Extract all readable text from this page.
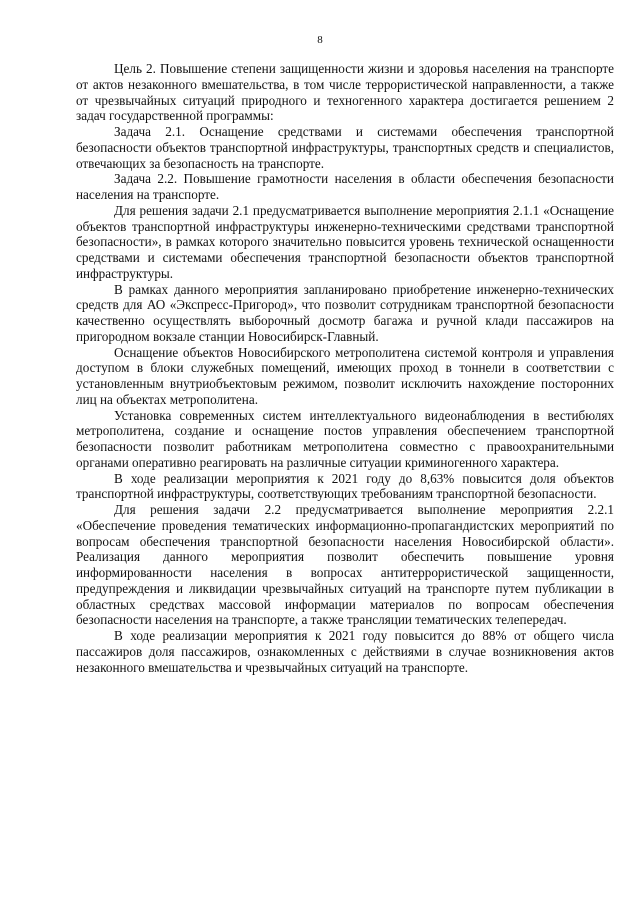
8

Цель 2. Повышение степени защищенности жизни и здоровья населения на транспорте от актов незаконного вмешательства, в том числе террористической направленности, а также от чрезвычайных ситуаций природного и техногенного характера достигается решением 2 задач государственной программы:

Задача 2.1. Оснащение средствами и системами обеспечения транспортной безопасности объектов транспортной инфраструктуры, транспортных средств и специалистов, отвечающих за безопасность на транспорте.

Задача 2.2. Повышение грамотности населения в области обеспечения безопасности населения на транспорте.

Для решения задачи 2.1 предусматривается выполнение мероприятия 2.1.1 «Оснащение объектов транспортной инфраструктуры инженерно-техническими средствами транспортной безопасности», в рамках которого значительно повысится уровень технической оснащенности средствами и системами обеспечения транспортной безопасности объектов транспортной инфраструктуры.

В рамках данного мероприятия запланировано приобретение инженерно-технических средств для АО «Экспресс-Пригород», что позволит сотрудникам транспортной безопасности качественно осуществлять выборочный досмотр багажа и ручной клади пассажиров на пригородном вокзале станции Новосибирск-Главный.

Оснащение объектов Новосибирского метрополитена системой контроля и управления доступом в блоки служебных помещений, имеющих проход в тоннели в соответствии с установленным внутриобъектовым режимом, позволит исключить нахождение посторонних лиц на объектах метрополитена.

Установка современных систем интеллектуального видеонаблюдения в вестибюлях метрополитена, создание и оснащение постов управления обеспечением транспортной безопасности позволит работникам метрополитена совместно с правоохранительными органами оперативно реагировать на различные ситуации криминогенного характера.

В ходе реализации мероприятия к 2021 году до 8,63% повысится доля объектов транспортной инфраструктуры, соответствующих требованиям транспортной безопасности.

Для решения задачи 2.2 предусматривается выполнение мероприятия 2.2.1 «Обеспечение проведения тематических информационно-пропагандистских мероприятий по вопросам обеспечения транспортной безопасности населения Новосибирской области». Реализация данного мероприятия позволит обеспечить повышение уровня информированности населения в вопросах антитеррористической защищенности, предупреждения и ликвидации чрезвычайных ситуаций на транспорте путем публикации в областных средствах массовой информации материалов по вопросам обеспечения безопасности населения на транспорте, а также трансляции тематических телепередач.

В ходе реализации мероприятия к 2021 году повысится до 88% от общего числа пассажиров доля пассажиров, ознакомленных с действиями в случае возникновения актов незаконного вмешательства и чрезвычайных ситуаций на транспорте.
